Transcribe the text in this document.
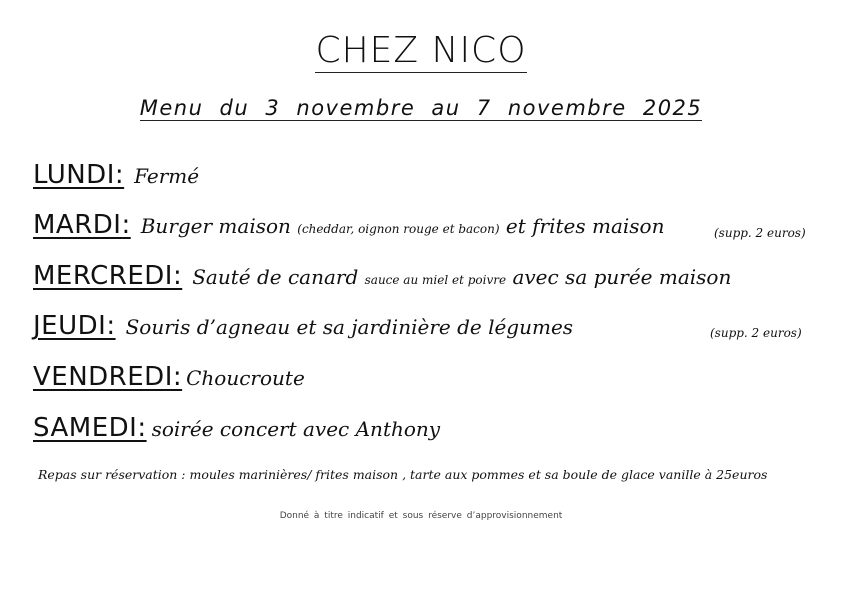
CHEZ NICO
Menu du 3 novembre au 7 novembre 2025
LUNDI: Fermé
MARDI: Burger maison (cheddar, oignon rouge et bacon) et frites maison	(supp. 2 euros)
MERCREDI: Sauté de canard sauce au miel et poivre avec sa purée maison
JEUDI: Souris d’agneau et sa jardinière de légumes	(supp. 2 euros)
VENDREDI: Choucroute
SAMEDI: soirée concert avec Anthony
Repas sur réservation : moules marinières/ frites maison , tarte aux pommes et sa boule de glace vanille à 25euros
Donné à titre indicatif et sous réserve d’approvisionnement
